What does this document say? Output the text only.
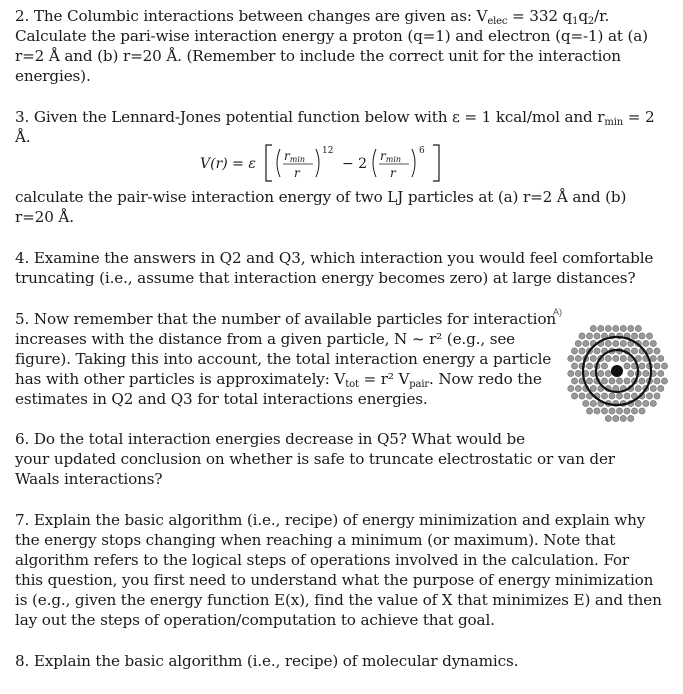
2. The Columbic interactions between changes are given as: $V_{elec} = 332$ $q_1q_2/r$.

Calculate the pari-wise interaction energy a proton (q=1) and electron (q=-1) at (a)

r=2 Å and (b) r=20 Å. (Remember to include the correct unit for the interaction

energies).

3. Given the Lennard-Jones potential function below with ε = 1 kcal/mol and $r_{min} = 2$

Å.

V(r) = ε rmin
r
12
− 2 rmin
r
6

calculate the pair-wise interaction energy of two LJ particles at (a) r=2 Å and (b)

r=20 Å.

4. Examine the answers in Q2 and Q3, which interaction you would feel comfortable

truncating (i.e., assume that interaction energy becomes zero) at large distances?

5. Now remember that the number of available particles for interaction

increases with the distance from a given particle, N ~ r² (e.g., see

figure). Taking this into account, the total interaction energy a particle

has with other particles is approximately: $V_{tot} = r^2$ $V_{pair}$. Now redo the

estimates in Q2 and Q3 for total interactions energies.

A)

6. Do the total interaction energies decrease in Q5? What would be

your updated conclusion on whether is safe to truncate electrostatic or van der

Waals interactions?

7. Explain the basic algorithm (i.e., recipe) of energy minimization and explain why

the energy stops changing when reaching a minimum (or maximum). Note that

algorithm refers to the logical steps of operations involved in the calculation. For

this question, you first need to understand what the purpose of energy minimization

is (e.g., given the energy function E(x), find the value of X that minimizes E) and then

lay out the steps of operation/computation to achieve that goal.

8. Explain the basic algorithm (i.e., recipe) of molecular dynamics.
